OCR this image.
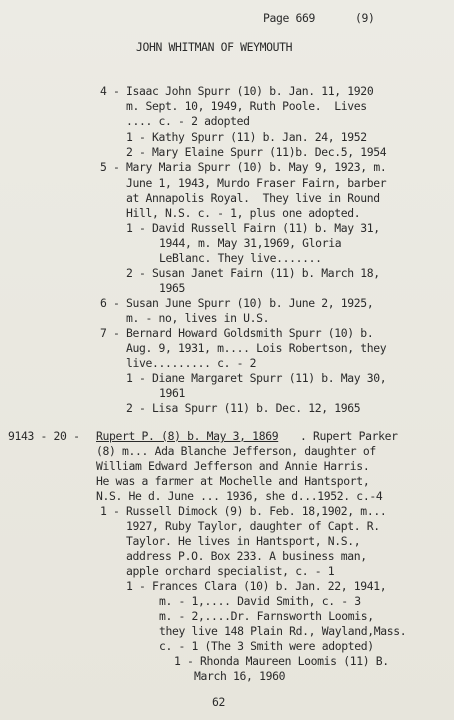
Page 669	(9)
JOHN WHITMAN OF WEYMOUTH
4 - Isaac John Spurr (10) b. Jan. 11, 1920
m. Sept. 10, 1949, Ruth Poole.  Lives
.... c. - 2 adopted
1 - Kathy Spurr (11) b. Jan. 24, 1952
2 - Mary Elaine Spurr (11)b. Dec.5, 1954
5 - Mary Maria Spurr (10) b. May 9, 1923, m.
June 1, 1943, Murdo Fraser Fairn, barber
at Annapolis Royal.  They live in Round
Hill, N.S. c. - 1, plus one adopted.
1 - David Russell Fairn (11) b. May 31,
1944, m. May 31,1969, Gloria
LeBlanc. They live.......
2 - Susan Janet Fairn (11) b. March 18,
1965
6 - Susan June Spurr (10) b. June 2, 1925,
m. - no, lives in U.S.
7 - Bernard Howard Goldsmith Spurr (10) b.
Aug. 9, 1931, m.... Lois Robertson, they
live......... c. - 2
1 - Diane Margaret Spurr (11) b. May 30,
1961
2 - Lisa Spurr (11) b. Dec. 12, 1965
9143 - 20 - Rupert P. (8) b. May 3, 1869 . Rupert Parker
(8) m... Ada Blanche Jefferson, daughter of
William Edward Jefferson and Annie Harris.
He was a farmer at Mochelle and Hantsport,
N.S. He d. June ... 1936, she d...1952. c.-4
1 - Russell Dimock (9) b. Feb. 18,1902, m...
1927, Ruby Taylor, daughter of Capt. R.
Taylor. He lives in Hantsport, N.S.,
address P.O. Box 233. A business man,
apple orchard specialist, c. - 1
1 - Frances Clara (10) b. Jan. 22, 1941,
m. - 1,.... David Smith, c. - 3
m. - 2,....Dr. Farnsworth Loomis,
they live 148 Plain Rd., Wayland,Mass.
c. - 1 (The 3 Smith were adopted)
1 - Rhonda Maureen Loomis (11) B.
March 16, 1960
62
